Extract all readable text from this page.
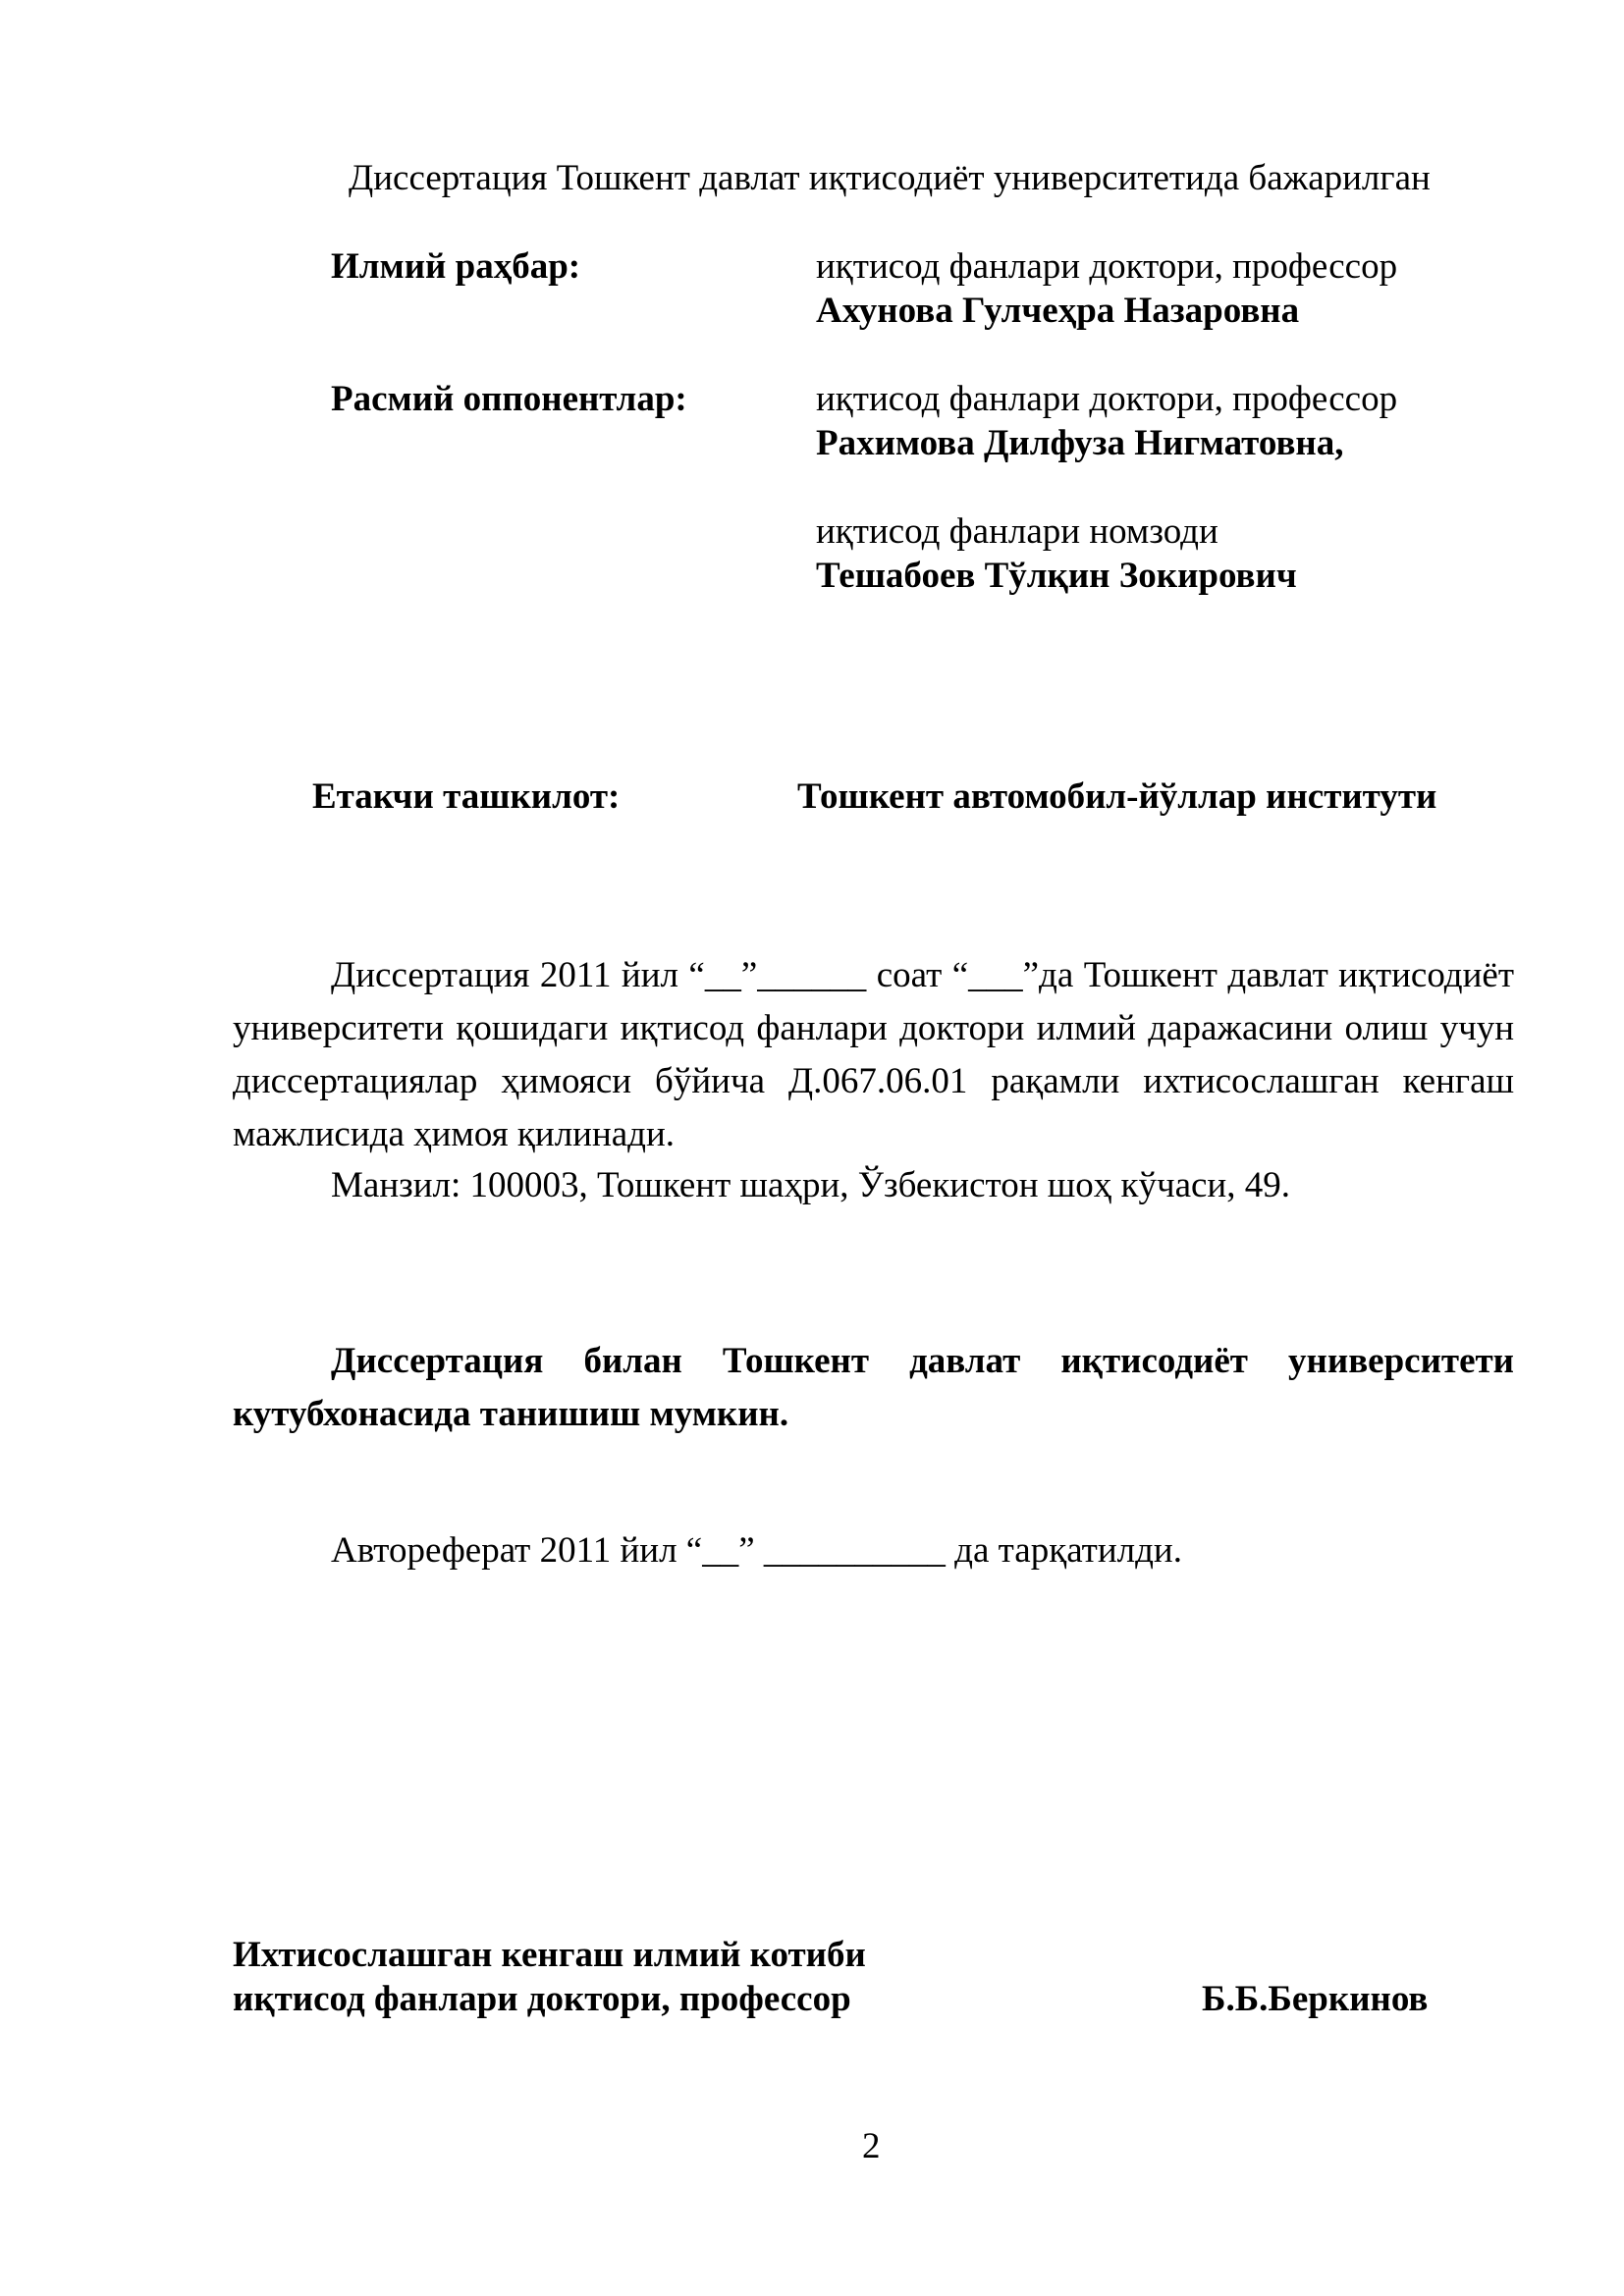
Диссертация Тошкент давлат иқтисодиёт университетида бажарилган
Илмий раҳбар:	иқтисод фанлари доктори, профессор
Ахунова Гулчеҳра Назаровна
Расмий оппонентлар:	иқтисод фанлари доктори, профессор
Рахимова Дилфуза Нигматовна,
иқтисод фанлари номзоди
Тешабоев Тўлқин Зокирович
Етакчи ташкилот:	Тошкент автомобил-йўллар институти
Диссертация 2011 йил “__”______ соат “___”да Тошкент давлат иқтисодиёт университети қошидаги иқтисод фанлари доктори илмий даражасини олиш учун диссертациялар ҳимояси бўйича Д.067.06.01 рақамли ихтисослашган кенгаш мажлисида ҳимоя қилинади.
Манзил: 100003, Тошкент шаҳри, Ўзбекистон шоҳ кўчаси, 49.
Диссертация билан Тошкент давлат иқтисодиёт университети кутубхонасида танишиш мумкин.
Автореферат 2011 йил “__” __________ да тарқатилди.
Ихтисослашган кенгаш илмий котиби
иқтисод фанлари доктори, профессор	Б.Б.Беркинов
2
